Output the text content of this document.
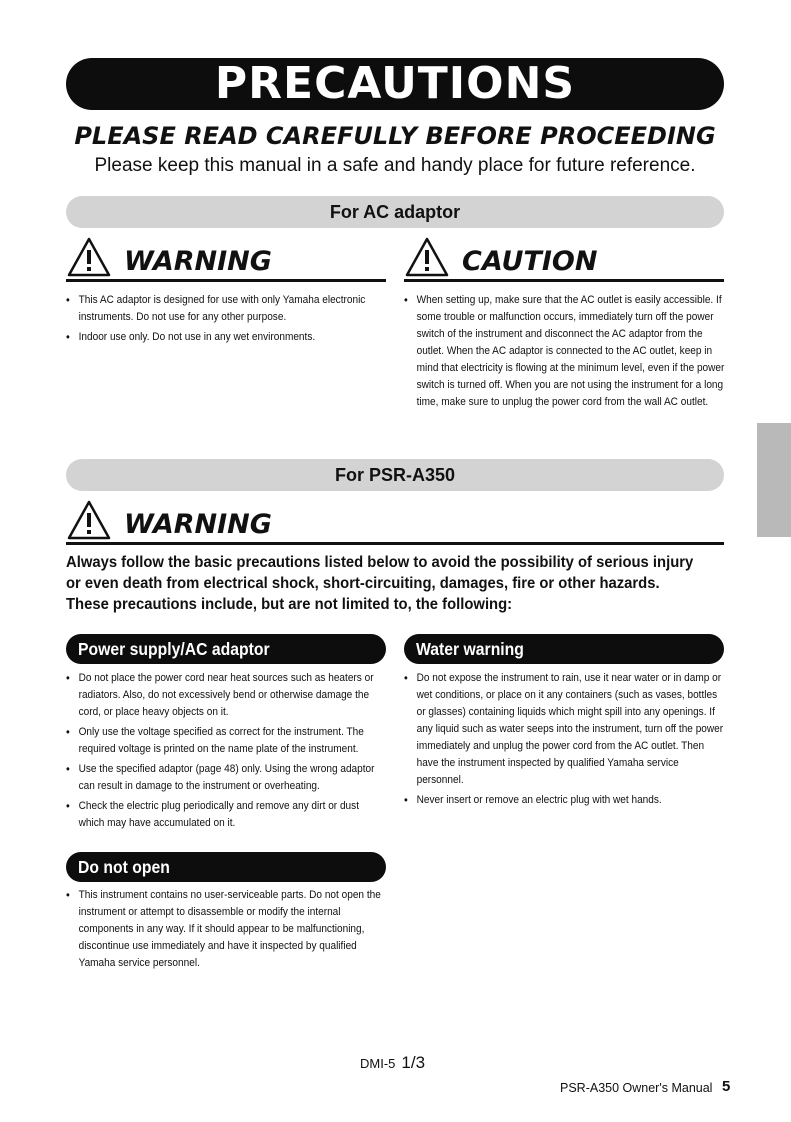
PRECAUTIONS
PLEASE READ CAREFULLY BEFORE PROCEEDING
Please keep this manual in a safe and handy place for future reference.
For AC adaptor
WARNING	CAUTION
• This AC adaptor is designed for use with only Yamaha electronic instruments. Do not use for any other purpose.
• Indoor use only. Do not use in any wet environments.
• When setting up, make sure that the AC outlet is easily accessible. If some trouble or malfunction occurs, immediately turn off the power switch of the instrument and disconnect the AC adaptor from the outlet. When the AC adaptor is connected to the AC outlet, keep in mind that electricity is flowing at the minimum level, even if the power switch is turned off. When you are not using the instrument for a long time, make sure to unplug the power cord from the wall AC outlet.
For PSR-A350
WARNING
Always follow the basic precautions listed below to avoid the possibility of serious injury or even death from electrical shock, short-circuiting, damages, fire or other hazards. These precautions include, but are not limited to, the following:
Power supply/AC adaptor
• Do not place the power cord near heat sources such as heaters or radiators. Also, do not excessively bend or otherwise damage the cord, or place heavy objects on it.
• Only use the voltage specified as correct for the instrument. The required voltage is printed on the name plate of the instrument.
• Use the specified adaptor (page 48) only. Using the wrong adaptor can result in damage to the instrument or overheating.
• Check the electric plug periodically and remove any dirt or dust which may have accumulated on it.
Do not open
• This instrument contains no user-serviceable parts. Do not open the instrument or attempt to disassemble or modify the internal components in any way. If it should appear to be malfunctioning, discontinue use immediately and have it inspected by qualified Yamaha service personnel.
Water warning
• Do not expose the instrument to rain, use it near water or in damp or wet conditions, or place on it any containers (such as vases, bottles or glasses) containing liquids which might spill into any openings. If any liquid such as water seeps into the instrument, turn off the power immediately and unplug the power cord from the AC outlet. Then have the instrument inspected by qualified Yamaha service personnel.
• Never insert or remove an electric plug with wet hands.
DMI-5 1/3
PSR-A350 Owner's Manual 5
